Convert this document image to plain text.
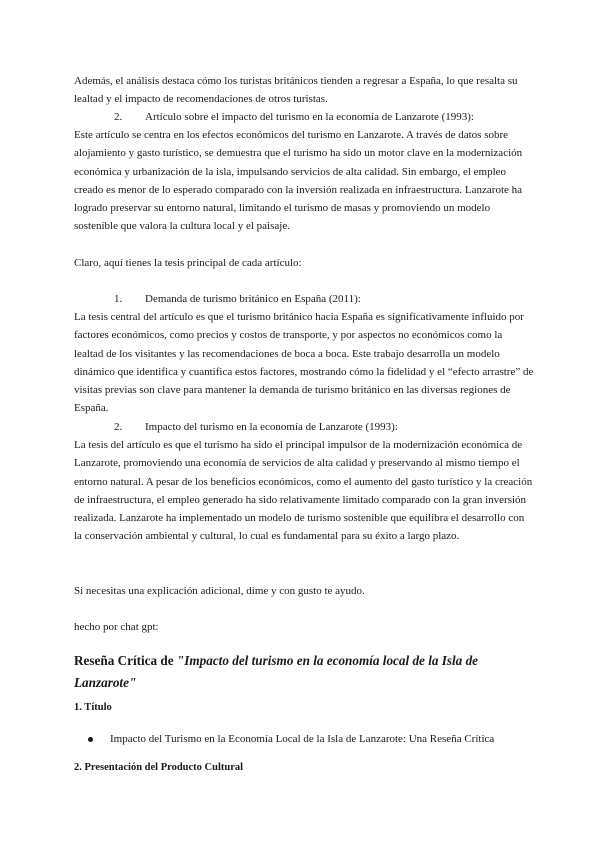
Además, el análisis destaca cómo los turistas británicos tienden a regresar a España, lo que resalta su lealtad y el impacto de recomendaciones de otros turistas.

2. Artículo sobre el impacto del turismo en la economía de Lanzarote (1993):

Este artículo se centra en los efectos económicos del turismo en Lanzarote. A través de datos sobre alojamiento y gasto turístico, se demuestra que el turismo ha sido un motor clave en la modernización económica y urbanización de la isla, impulsando servicios de alta calidad. Sin embargo, el empleo creado es menor de lo esperado comparado con la inversión realizada en infraestructura. Lanzarote ha logrado preservar su entorno natural, limitando el turismo de masas y promoviendo un modelo sostenible que valora la cultura local y el paisaje.

Claro, aquí tienes la tesis principal de cada artículo:

1. Demanda de turismo británico en España (2011):

La tesis central del artículo es que el turismo británico hacia España es significativamente influido por factores económicos, como precios y costos de transporte, y por aspectos no económicos como la lealtad de los visitantes y las recomendaciones de boca a boca. Este trabajo desarrolla un modelo dinámico que identifica y cuantifica estos factores, mostrando cómo la fidelidad y el “efecto arrastre” de visitas previas son clave para mantener la demanda de turismo británico en las diversas regiones de España.

2. Impacto del turismo en la economía de Lanzarote (1993):

La tesis del artículo es que el turismo ha sido el principal impulsor de la modernización económica de Lanzarote, promoviendo una economía de servicios de alta calidad y preservando al mismo tiempo el entorno natural. A pesar de los beneficios económicos, como el aumento del gasto turístico y la creación de infraestructura, el empleo generado ha sido relativamente limitado comparado con la gran inversión realizada. Lanzarote ha implementado un modelo de turismo sostenible que equilibra el desarrollo con la conservación ambiental y cultural, lo cual es fundamental para su éxito a largo plazo.

Si necesitas una explicación adicional, dime y con gusto te ayudo.

hecho por chat gpt:

Reseña Crítica de "Impacto del turismo en la economía local de la Isla de Lanzarote"
1. Título
Impacto del Turismo en la Economía Local de la Isla de Lanzarote: Una Reseña Crítica
2. Presentación del Producto Cultural
